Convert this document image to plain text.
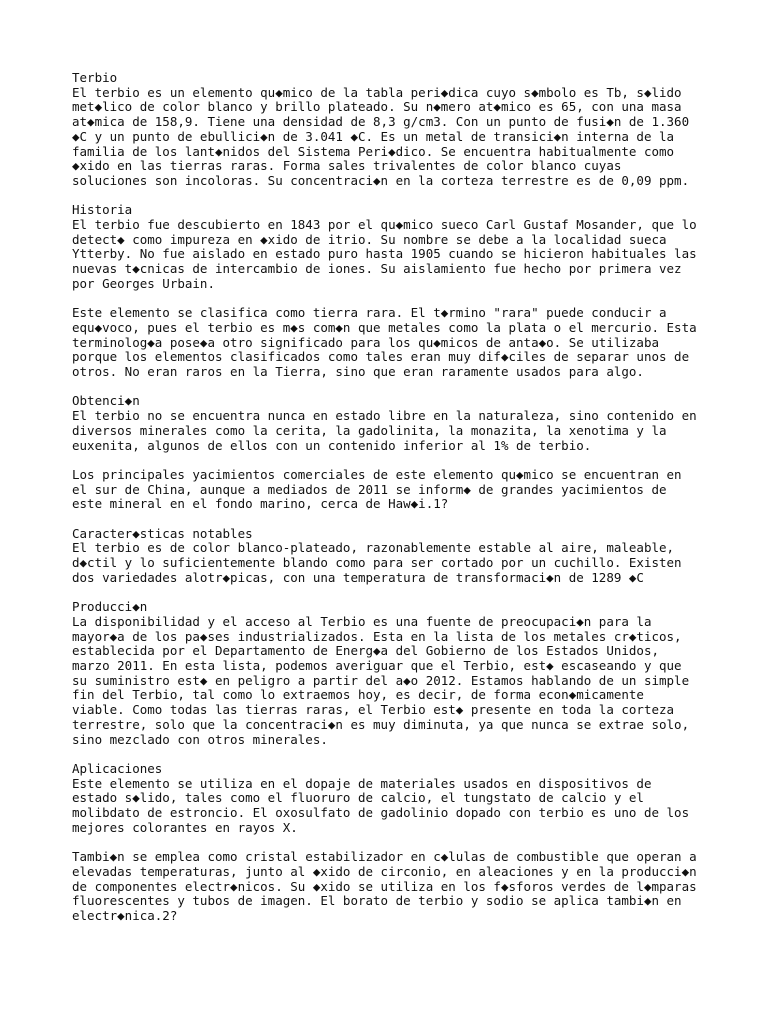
Terbio
El terbio es un elemento qu◆mico de la tabla peri◆dica cuyo s◆mbolo es Tb, s◆lido
met◆lico de color blanco y brillo plateado. Su n◆mero at◆mico es 65, con una masa
at◆mica de 158,9. Tiene una densidad de 8,3 g/cm3. Con un punto de fusi◆n de 1.360
◆C y un punto de ebullici◆n de 3.041 ◆C. Es un metal de transici◆n interna de la
familia de los lant◆nidos del Sistema Peri◆dico. Se encuentra habitualmente como
◆xido en las tierras raras. Forma sales trivalentes de color blanco cuyas
soluciones son incoloras. Su concentraci◆n en la corteza terrestre es de 0,09 ppm.
Historia
El terbio fue descubierto en 1843 por el qu◆mico sueco Carl Gustaf Mosander, que lo
detect◆ como impureza en ◆xido de itrio. Su nombre se debe a la localidad sueca
Ytterby. No fue aislado en estado puro hasta 1905 cuando se hicieron habituales las
nuevas t◆cnicas de intercambio de iones. Su aislamiento fue hecho por primera vez
por Georges Urbain.
Este elemento se clasifica como tierra rara. El t◆rmino "rara" puede conducir a
equ◆voco, pues el terbio es m◆s com◆n que metales como la plata o el mercurio. Esta
terminolog◆a pose◆a otro significado para los qu◆micos de anta◆o. Se utilizaba
porque los elementos clasificados como tales eran muy dif◆ciles de separar unos de
otros. No eran raros en la Tierra, sino que eran raramente usados para algo.
Obtenci◆n
El terbio no se encuentra nunca en estado libre en la naturaleza, sino contenido en
diversos minerales como la cerita, la gadolinita, la monazita, la xenotima y la
euxenita, algunos de ellos con un contenido inferior al 1% de terbio.
Los principales yacimientos comerciales de este elemento qu◆mico se encuentran en
el sur de China, aunque a mediados de 2011 se inform◆ de grandes yacimientos de
este mineral en el fondo marino, cerca de Haw◆i.1?
Caracter◆sticas notables
El terbio es de color blanco-plateado, razonablemente estable al aire, maleable,
d◆ctil y lo suficientemente blando como para ser cortado por un cuchillo. Existen
dos variedades alotr◆picas, con una temperatura de transformaci◆n de 1289 ◆C
Producci◆n
La disponibilidad y el acceso al Terbio es una fuente de preocupaci◆n para la
mayor◆a de los pa◆ses industrializados. Esta en la lista de los metales cr◆ticos,
establecida por el Departamento de Energ◆a del Gobierno de los Estados Unidos,
marzo 2011. En esta lista, podemos averiguar que el Terbio, est◆ escaseando y que
su suministro est◆ en peligro a partir del a◆o 2012. Estamos hablando de un simple
fin del Terbio, tal como lo extraemos hoy, es decir, de forma econ◆micamente
viable. Como todas las tierras raras, el Terbio est◆ presente en toda la corteza
terrestre, solo que la concentraci◆n es muy diminuta, ya que nunca se extrae solo,
sino mezclado con otros minerales.
Aplicaciones
Este elemento se utiliza en el dopaje de materiales usados en dispositivos de
estado s◆lido, tales como el fluoruro de calcio, el tungstato de calcio y el
molibdato de estroncio. El oxosulfato de gadolinio dopado con terbio es uno de los
mejores colorantes en rayos X.
Tambi◆n se emplea como cristal estabilizador en c◆lulas de combustible que operan a
elevadas temperaturas, junto al ◆xido de circonio, en aleaciones y en la producci◆n
de componentes electr◆nicos. Su ◆xido se utiliza en los f◆sforos verdes de l◆mparas
fluorescentes y tubos de imagen. El borato de terbio y sodio se aplica tambi◆n en
electr◆nica.2?
